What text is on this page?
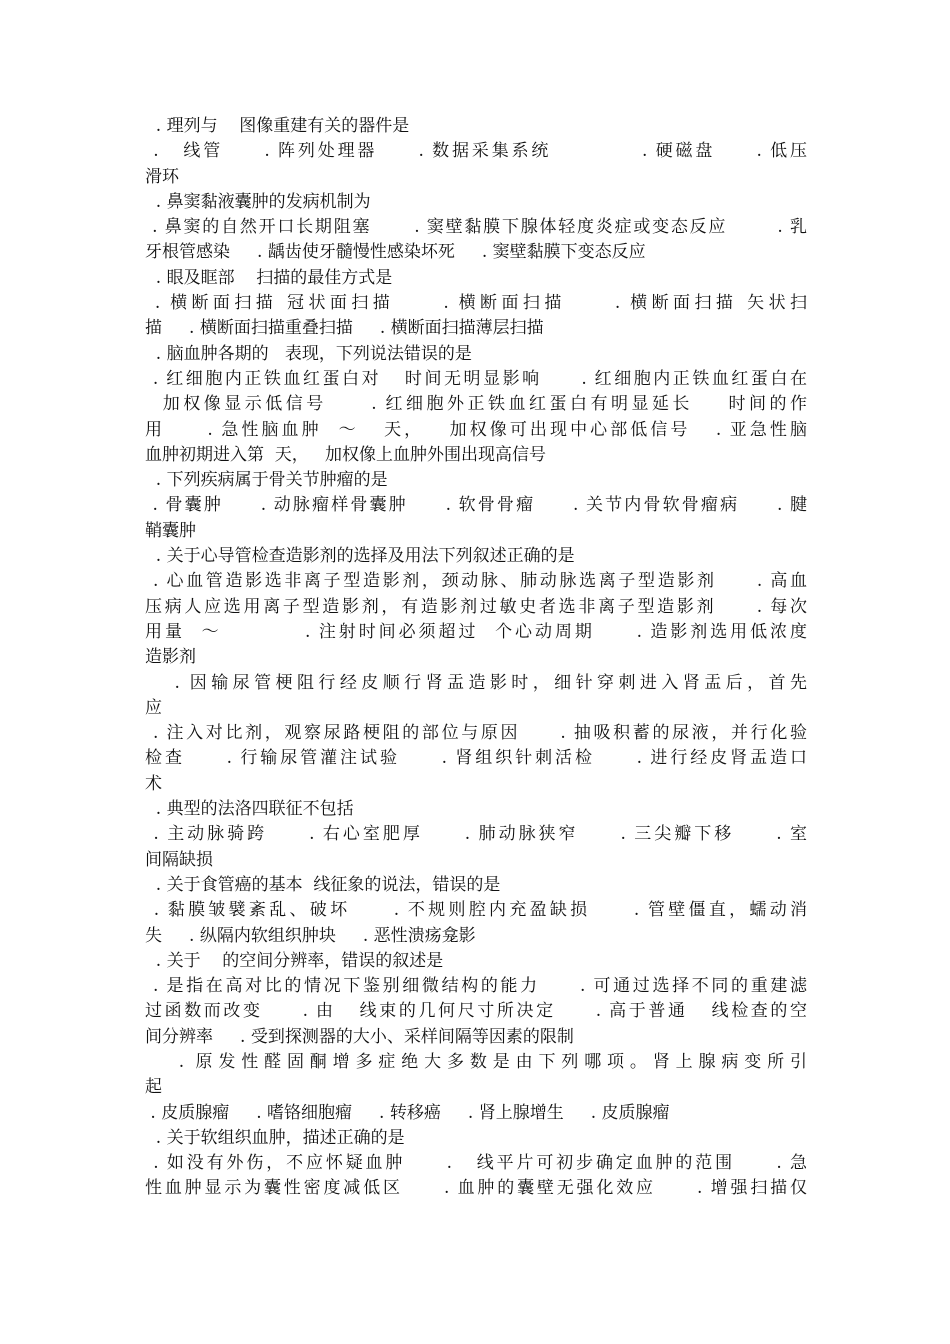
. 理列与    图像重建有关的器件是
.   线管     . 阵列处理器     . 数据采集系统           . 硬磁盘     . 低压
滑环
. 鼻窦黏液囊肿的发病机制为
. 鼻窦的自然开口长期阻塞      . 窦壁黏膜下腺体轻度炎症或变态反应       . 乳
牙根管感染     . 龋齿使牙髓慢性感染坏死     . 窦壁黏膜下变态反应
. 眼及眶部    扫描的最佳方式是
. 横断面扫描 冠状面扫描     . 横断面扫描     . 横断面扫描 矢状扫
描     . 横断面扫描重叠扫描     . 横断面扫描薄层扫描
. 脑血肿各期的   表现，下列说法错误的是
. 红细胞内正铁血红蛋白对   时间无明显影响     . 红细胞内正铁血红蛋白在
加权像显示低信号     . 红细胞外正铁血红蛋白有明显延长    时间的作
用     . 急性脑血肿  ～   天，   加权像可出现中心部低信号   . 亚急性脑
血肿初期进入第  天，   加权像上血肿外围出现高信号
. 下列疾病属于骨关节肿瘤的是
. 骨囊肿     . 动脉瘤样骨囊肿     . 软骨骨瘤     . 关节内骨软骨瘤病     . 腱
鞘囊肿
. 关于心导管检查造影剂的选择及用法下列叙述正确的是
. 心血管造影选非离子型造影剂，颈动脉、肺动脉选离子型造影剂     . 高血
压病人应选用离子型造影剂，有造影剂过敏史者选非离子型造影剂     . 每次
用量  ～          . 注射时间必须超过  个心动周期     . 造影剂选用低浓度
造影剂
. 因输尿管梗阻行经皮顺行肾盂造影时，细针穿刺进入肾盂后，首先
应
. 注入对比剂，观察尿路梗阻的部位与原因     . 抽吸积蓄的尿液，并行化验
检查     . 行输尿管灌注试验     . 肾组织针刺活检     . 进行经皮肾盂造口
术
. 典型的法洛四联征不包括
. 主动脉骑跨     . 右心室肥厚     . 肺动脉狭窄     . 三尖瓣下移     . 室
间隔缺损
. 关于食管癌的基本  线征象的说法，错误的是
. 黏膜皱襞紊乱、破坏     . 不规则腔内充盈缺损     . 管壁僵直，蠕动消
失     . 纵隔内软组织肿块     . 恶性溃疡龛影
. 关于    的空间分辨率，错误的叙述是
. 是指在高对比的情况下鉴别细微结构的能力     . 可通过选择不同的重建滤
过函数而改变     . 由   线束的几何尺寸所决定     . 高于普通   线检查的空
间分辨率     . 受到探测器的大小、采样间隔等因素的限制
. 原发性醛固酮增多症绝大多数是由下列哪项。肾上腺病变所引
起
. 皮质腺瘤     . 嗜铬细胞瘤     . 转移癌     . 肾上腺增生     . 皮质腺瘤
. 关于软组织血肿，描述正确的是
. 如没有外伤，不应怀疑血肿     .   线平片可初步确定血肿的范围     . 急
性血肿显示为囊性密度减低区     . 血肿的囊壁无强化效应     . 增强扫描仅
